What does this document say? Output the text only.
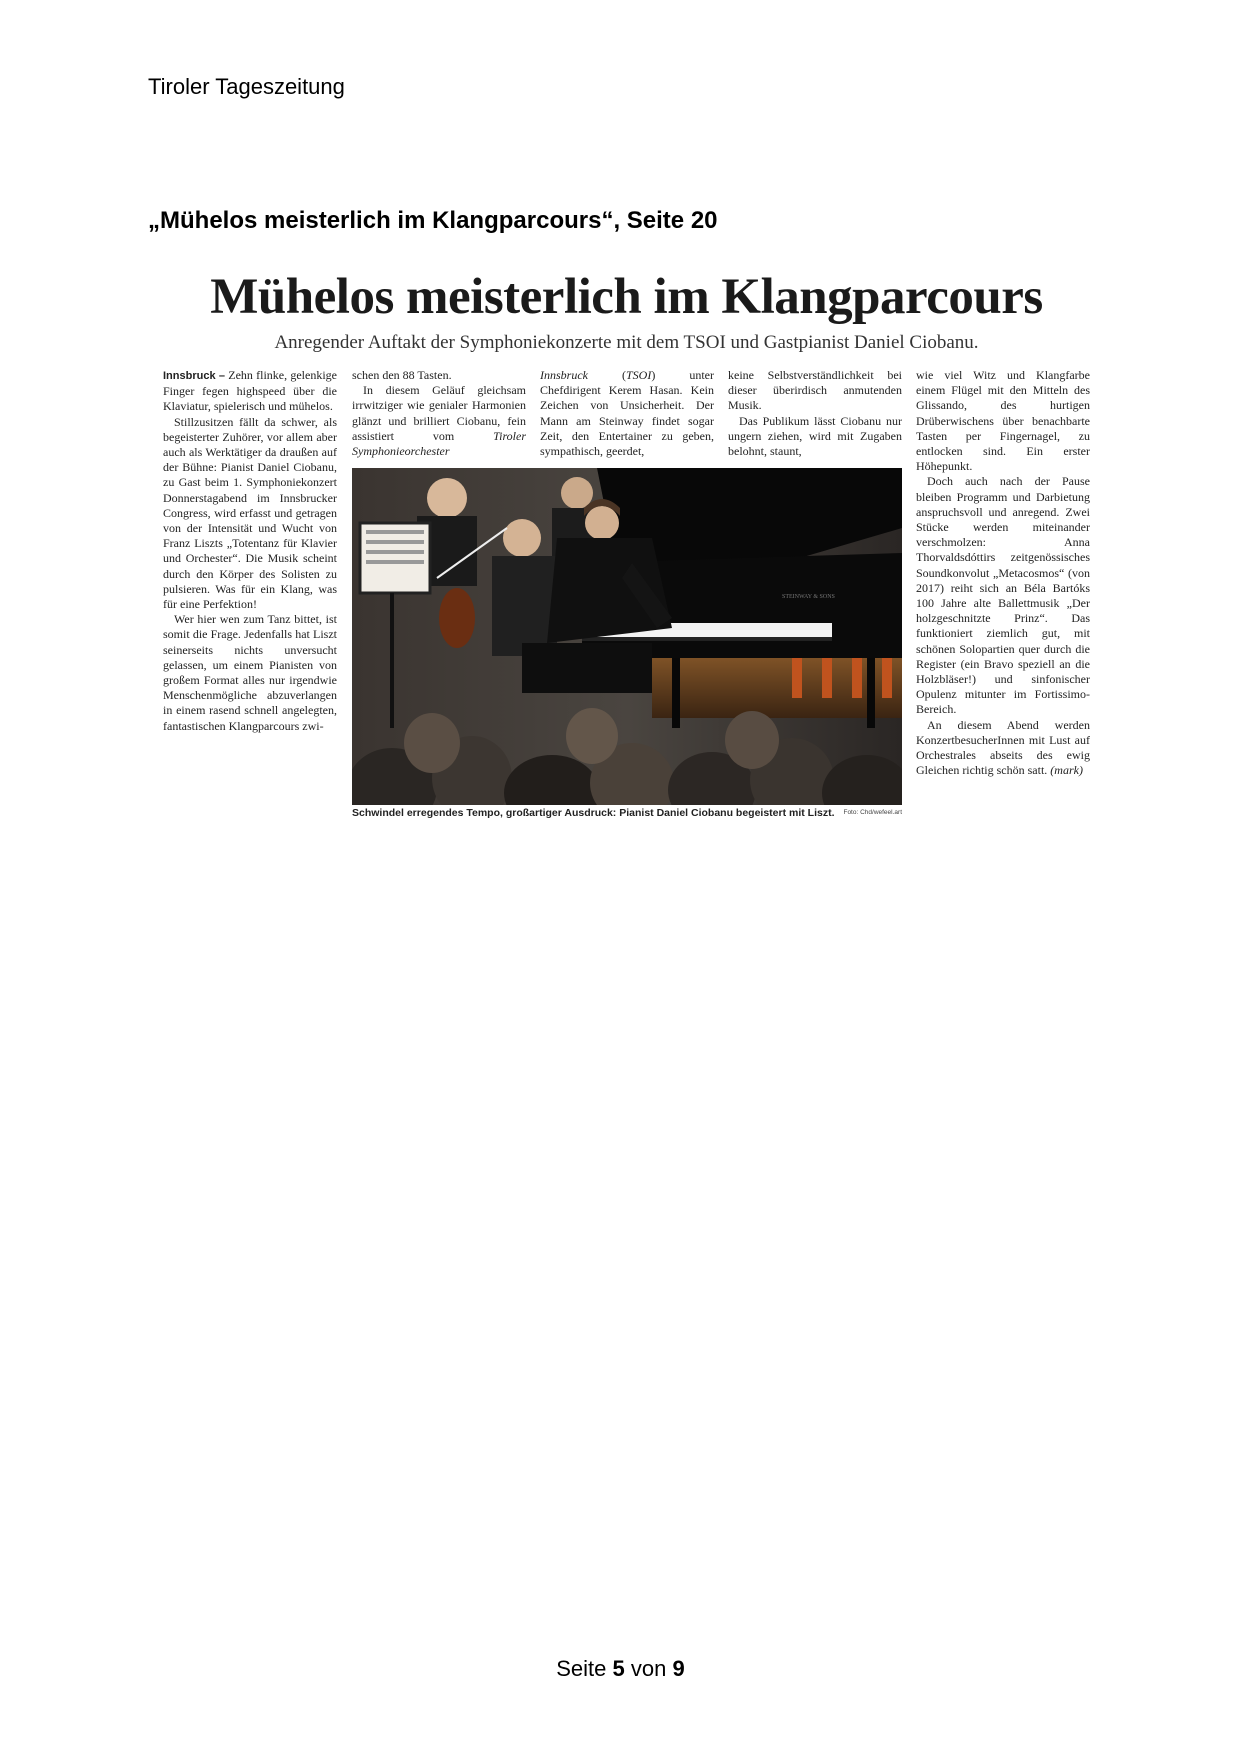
Tiroler Tageszeitung
„Mühelos meisterlich im Klangparcours“, Seite 20
Mühelos meisterlich im Klangparcours
Anregender Auftakt der Symphoniekonzerte mit dem TSOI und Gastpianist Daniel Ciobanu.

Innsbruck – Zehn flinke, gelenkige Finger fegen highspeed über die Klaviatur, spielerisch und mühelos.

Stillzusitzen fällt da schwer, als begeisterter Zuhörer, vor allem aber auch als Werktätiger da draußen auf der Bühne: Pianist Daniel Ciobanu, zu Gast beim 1. Symphoniekonzert Donnerstagabend im Innsbrucker Congress, wird erfasst und getragen von der Intensität und Wucht von Franz Liszts „Totentanz für Klavier und Orchester“. Die Musik scheint durch den Körper des Solisten zu pulsieren. Was für ein Klang, was für eine Perfektion!

Wer hier wen zum Tanz bittet, ist somit die Frage. Jedenfalls hat Liszt seinerseits nichts unversucht gelassen, um einem Pianisten von großem Format alles nur irgendwie Menschenmögliche abzuverlangen in einem rasend schnell angelegten, fantastischen Klangparcours zwi-

schen den 88 Tasten.

In diesem Geläuf gleichsam irrwitziger wie genialer Harmonien glänzt und brilliert Ciobanu, fein assistiert vom	Tiroler Symphonieorchester

Innsbruck	(TSOI) unter Chefdirigent Kerem Hasan. Kein Zeichen von Unsicherheit. Der Mann am Steinway findet sogar Zeit, den Entertainer zu geben, sympathisch, geerdet,

keine Selbstverständlichkeit bei dieser überirdisch anmutenden Musik.

Das Publikum lässt Ciobanu nur ungern ziehen, wird mit Zugaben belohnt, staunt,

wie viel Witz und Klangfarbe einem Flügel mit den Mitteln des Glissando, des hurtigen Drüberwischens über benachbarte Tasten per Fingernagel, zu entlocken sind. Ein erster Höhepunkt.

Doch auch nach der Pause bleiben Programm und Darbietung anspruchsvoll und anregend. Zwei Stücke werden miteinander verschmolzen: Anna Thorvaldsdóttirs zeitgenössisches Soundkonvolut „Metacosmos“ (von 2017) reiht sich an Béla Bartóks 100 Jahre alte Ballettmusik „Der holzgeschnitzte Prinz“. Das funktioniert ziemlich gut, mit schönen Solopartien quer durch die Register (ein Bravo speziell an die Holzbläser!) und sinfonischer Opulenz mitunter im Fortissimo-Bereich.

An diesem Abend werden KonzertbesucherInnen mit Lust auf Orchestrales abseits des ewig Gleichen richtig schön satt. (mark)

STEINWAY & SONS
Schwindel erregendes Tempo, großartiger Ausdruck: Pianist Daniel Ciobanu begeistert mit Liszt.	Foto: Chd/wefeel.art
Seite 5 von 9
